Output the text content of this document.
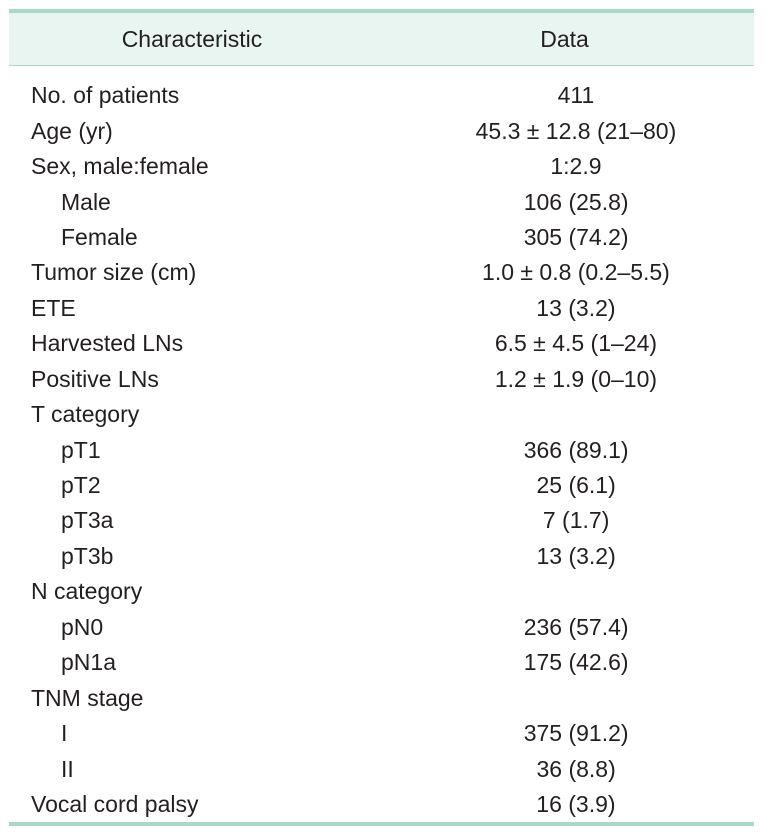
Characteristic	Data
No. of patients	411
Age (yr)	45.3 ± 12.8 (21–80)
Sex, male:female	1:2.9
Male	106 (25.8)
Female	305 (74.2)
Tumor size (cm)	1.0 ± 0.8 (0.2–5.5)
ETE	13 (3.2)
Harvested LNs	6.5 ± 4.5 (1–24)
Positive LNs	1.2 ± 1.9 (0–10)
T category
pT1	366 (89.1)
pT2	25 (6.1)
pT3a	7 (1.7)
pT3b	13 (3.2)
N category
pN0	236 (57.4)
pN1a	175 (42.6)
TNM stage
I	375 (91.2)
II	36 (8.8)
Vocal cord palsy	16 (3.9)
